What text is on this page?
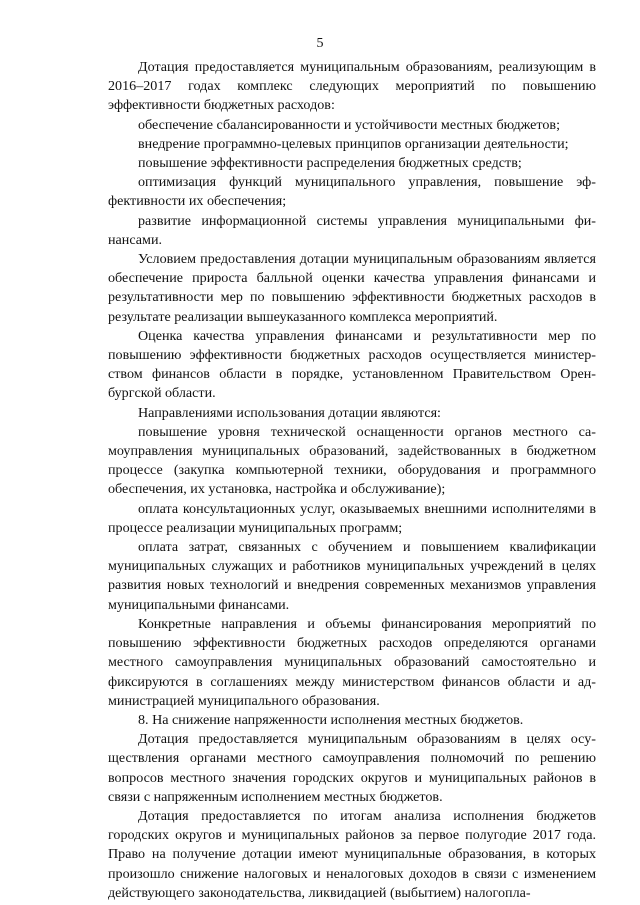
5

Дотация предоставляется муниципальным образованиям, реализующим в 2016–2017 годах комплекс следующих мероприятий по повышению эффективности бюджетных расходов:

обеспечение сбалансированности и устойчивости местных бюджетов;

внедрение программно-целевых принципов организации деятельности;

повышение эффективности распределения бюджетных средств;

оптимизация функций муниципального управления, повышение эффективности их обеспечения;

развитие информационной системы управления муниципальными финансами.

Условием предоставления дотации муниципальным образованиям является обеспечение прироста балльной оценки качества управления финансами и результативности мер по повышению эффективности бюджетных расходов в результате реализации вышеуказанного комплекса мероприятий.

Оценка качества управления финансами и результативности мер по повышению эффективности бюджетных расходов осуществляется министерством финансов области в порядке, установленном Правительством Оренбургской области.

Направлениями использования дотации являются:

повышение уровня технической оснащенности органов местного самоуправления муниципальных образований, задействованных в бюджетном процессе (закупка компьютерной техники, оборудования и программного обеспечения, их установка, настройка и обслуживание);

оплата консультационных услуг, оказываемых внешними исполнителями в процессе реализации муниципальных программ;

оплата затрат, связанных с обучением и повышением квалификации муниципальных служащих и работников муниципальных учреждений в целях развития новых технологий и внедрения современных механизмов управления муниципальными финансами.

Конкретные направления и объемы финансирования мероприятий по повышению эффективности бюджетных расходов определяются органами местного самоуправления муниципальных образований самостоятельно и фиксируются в соглашениях между министерством финансов области и администрацией муниципального образования.

8. На снижение напряженности исполнения местных бюджетов.

Дотация предоставляется муниципальным образованиям в целях осуществления органами местного самоуправления полномочий по решению вопросов местного значения городских округов и муниципальных районов в связи с напряженным исполнением местных бюджетов.

Дотация предоставляется по итогам анализа исполнения бюджетов городских округов и муниципальных районов за первое полугодие 2017 года. Право на получение дотации имеют муниципальные образования, в которых произошло снижение налоговых и неналоговых доходов в связи с изменением действующего законодательства, ликвидацией (выбытием) налогопла-
